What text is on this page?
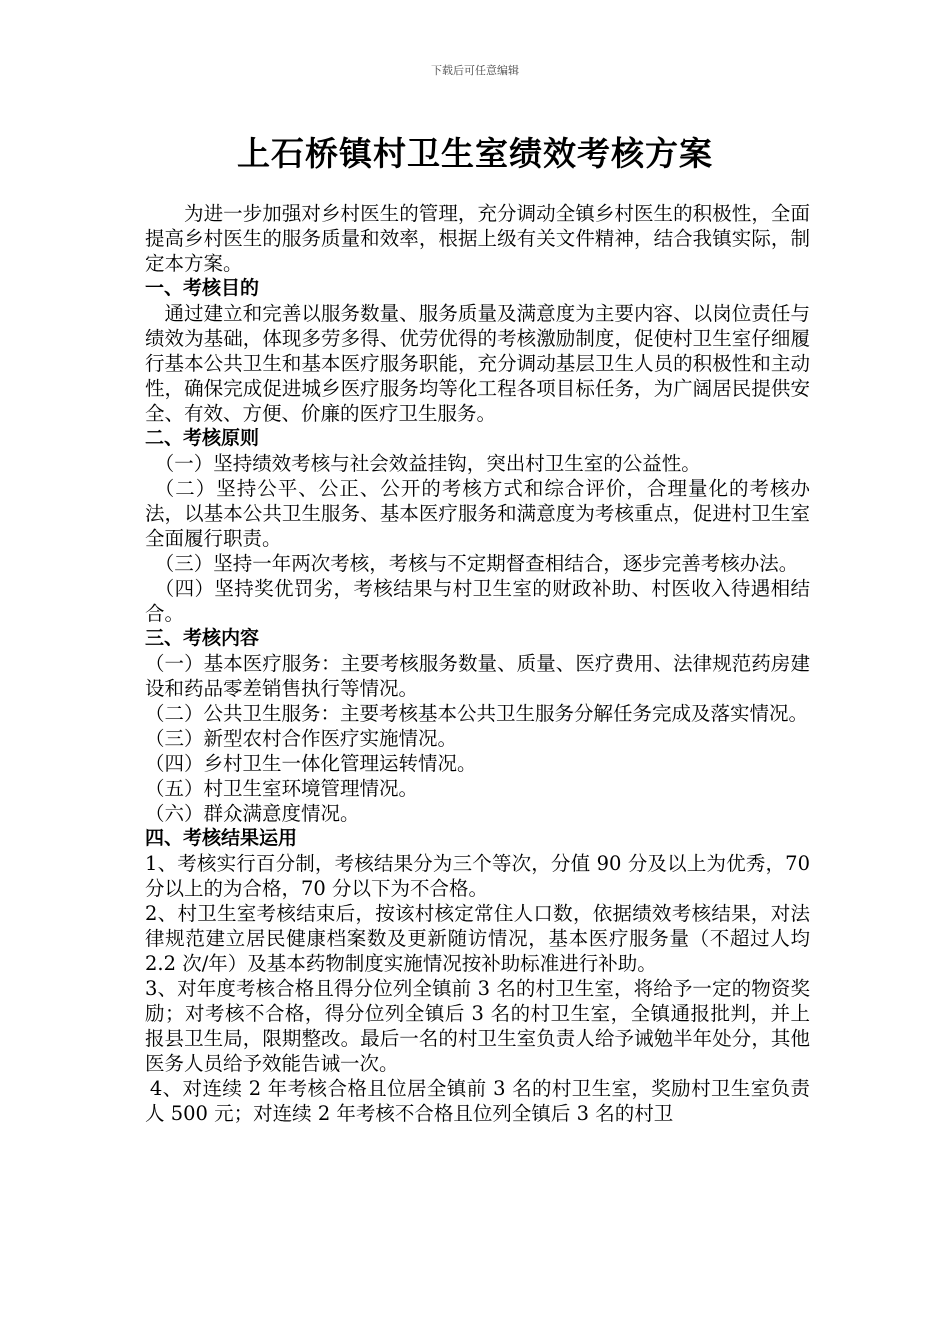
下载后可任意编辑
上石桥镇村卫生室绩效考核方案

为进一步加强对乡村医生的管理，充分调动全镇乡村医生的积极性，全面提高乡村医生的服务质量和效率，根据上级有关文件精神，结合我镇实际，制定本方案。

一、考核目的

通过建立和完善以服务数量、服务质量及满意度为主要内容、以岗位责任与绩效为基础，体现多劳多得、优劳优得的考核激励制度，促使村卫生室仔细履行基本公共卫生和基本医疗服务职能，充分调动基层卫生人员的积极性和主动性，确保完成促进城乡医疗服务均等化工程各项目标任务，为广阔居民提供安全、有效、方便、价廉的医疗卫生服务。

二、考核原则

（一）坚持绩效考核与社会效益挂钩，突出村卫生室的公益性。

（二）坚持公平、公正、公开的考核方式和综合评价，合理量化的考核办法，以基本公共卫生服务、基本医疗服务和满意度为考核重点，促进村卫生室全面履行职责。

（三）坚持一年两次考核，考核与不定期督查相结合，逐步完善考核办法。

（四）坚持奖优罚劣，考核结果与村卫生室的财政补助、村医收入待遇相结合。

三、考核内容

（一）基本医疗服务：主要考核服务数量、质量、医疗费用、法律规范药房建设和药品零差销售执行等情况。

（二）公共卫生服务：主要考核基本公共卫生服务分解任务完成及落实情况。

（三）新型农村合作医疗实施情况。

（四）乡村卫生一体化管理运转情况。

（五）村卫生室环境管理情况。

（六）群众满意度情况。

四、考核结果运用

1、考核实行百分制，考核结果分为三个等次，分值 90 分及以上为优秀，70 分以上的为合格，70 分以下为不合格。

2、村卫生室考核结束后，按该村核定常住人口数，依据绩效考核结果，对法律规范建立居民健康档案数及更新随访情况，基本医疗服务量（不超过人均 2.2 次/年）及基本药物制度实施情况按补助标准进行补助。

3、对年度考核合格且得分位列全镇前 3 名的村卫生室，将给予一定的物资奖励；对考核不合格，得分位列全镇后 3 名的村卫生室，全镇通报批判，并上报县卫生局，限期整改。最后一名的村卫生室负责人给予诫勉半年处分，其他医务人员给予效能告诫一次。

4、对连续 2 年考核合格且位居全镇前 3 名的村卫生室，奖励村卫生室负责人 500 元；对连续 2 年考核不合格且位列全镇后 3 名的村卫
